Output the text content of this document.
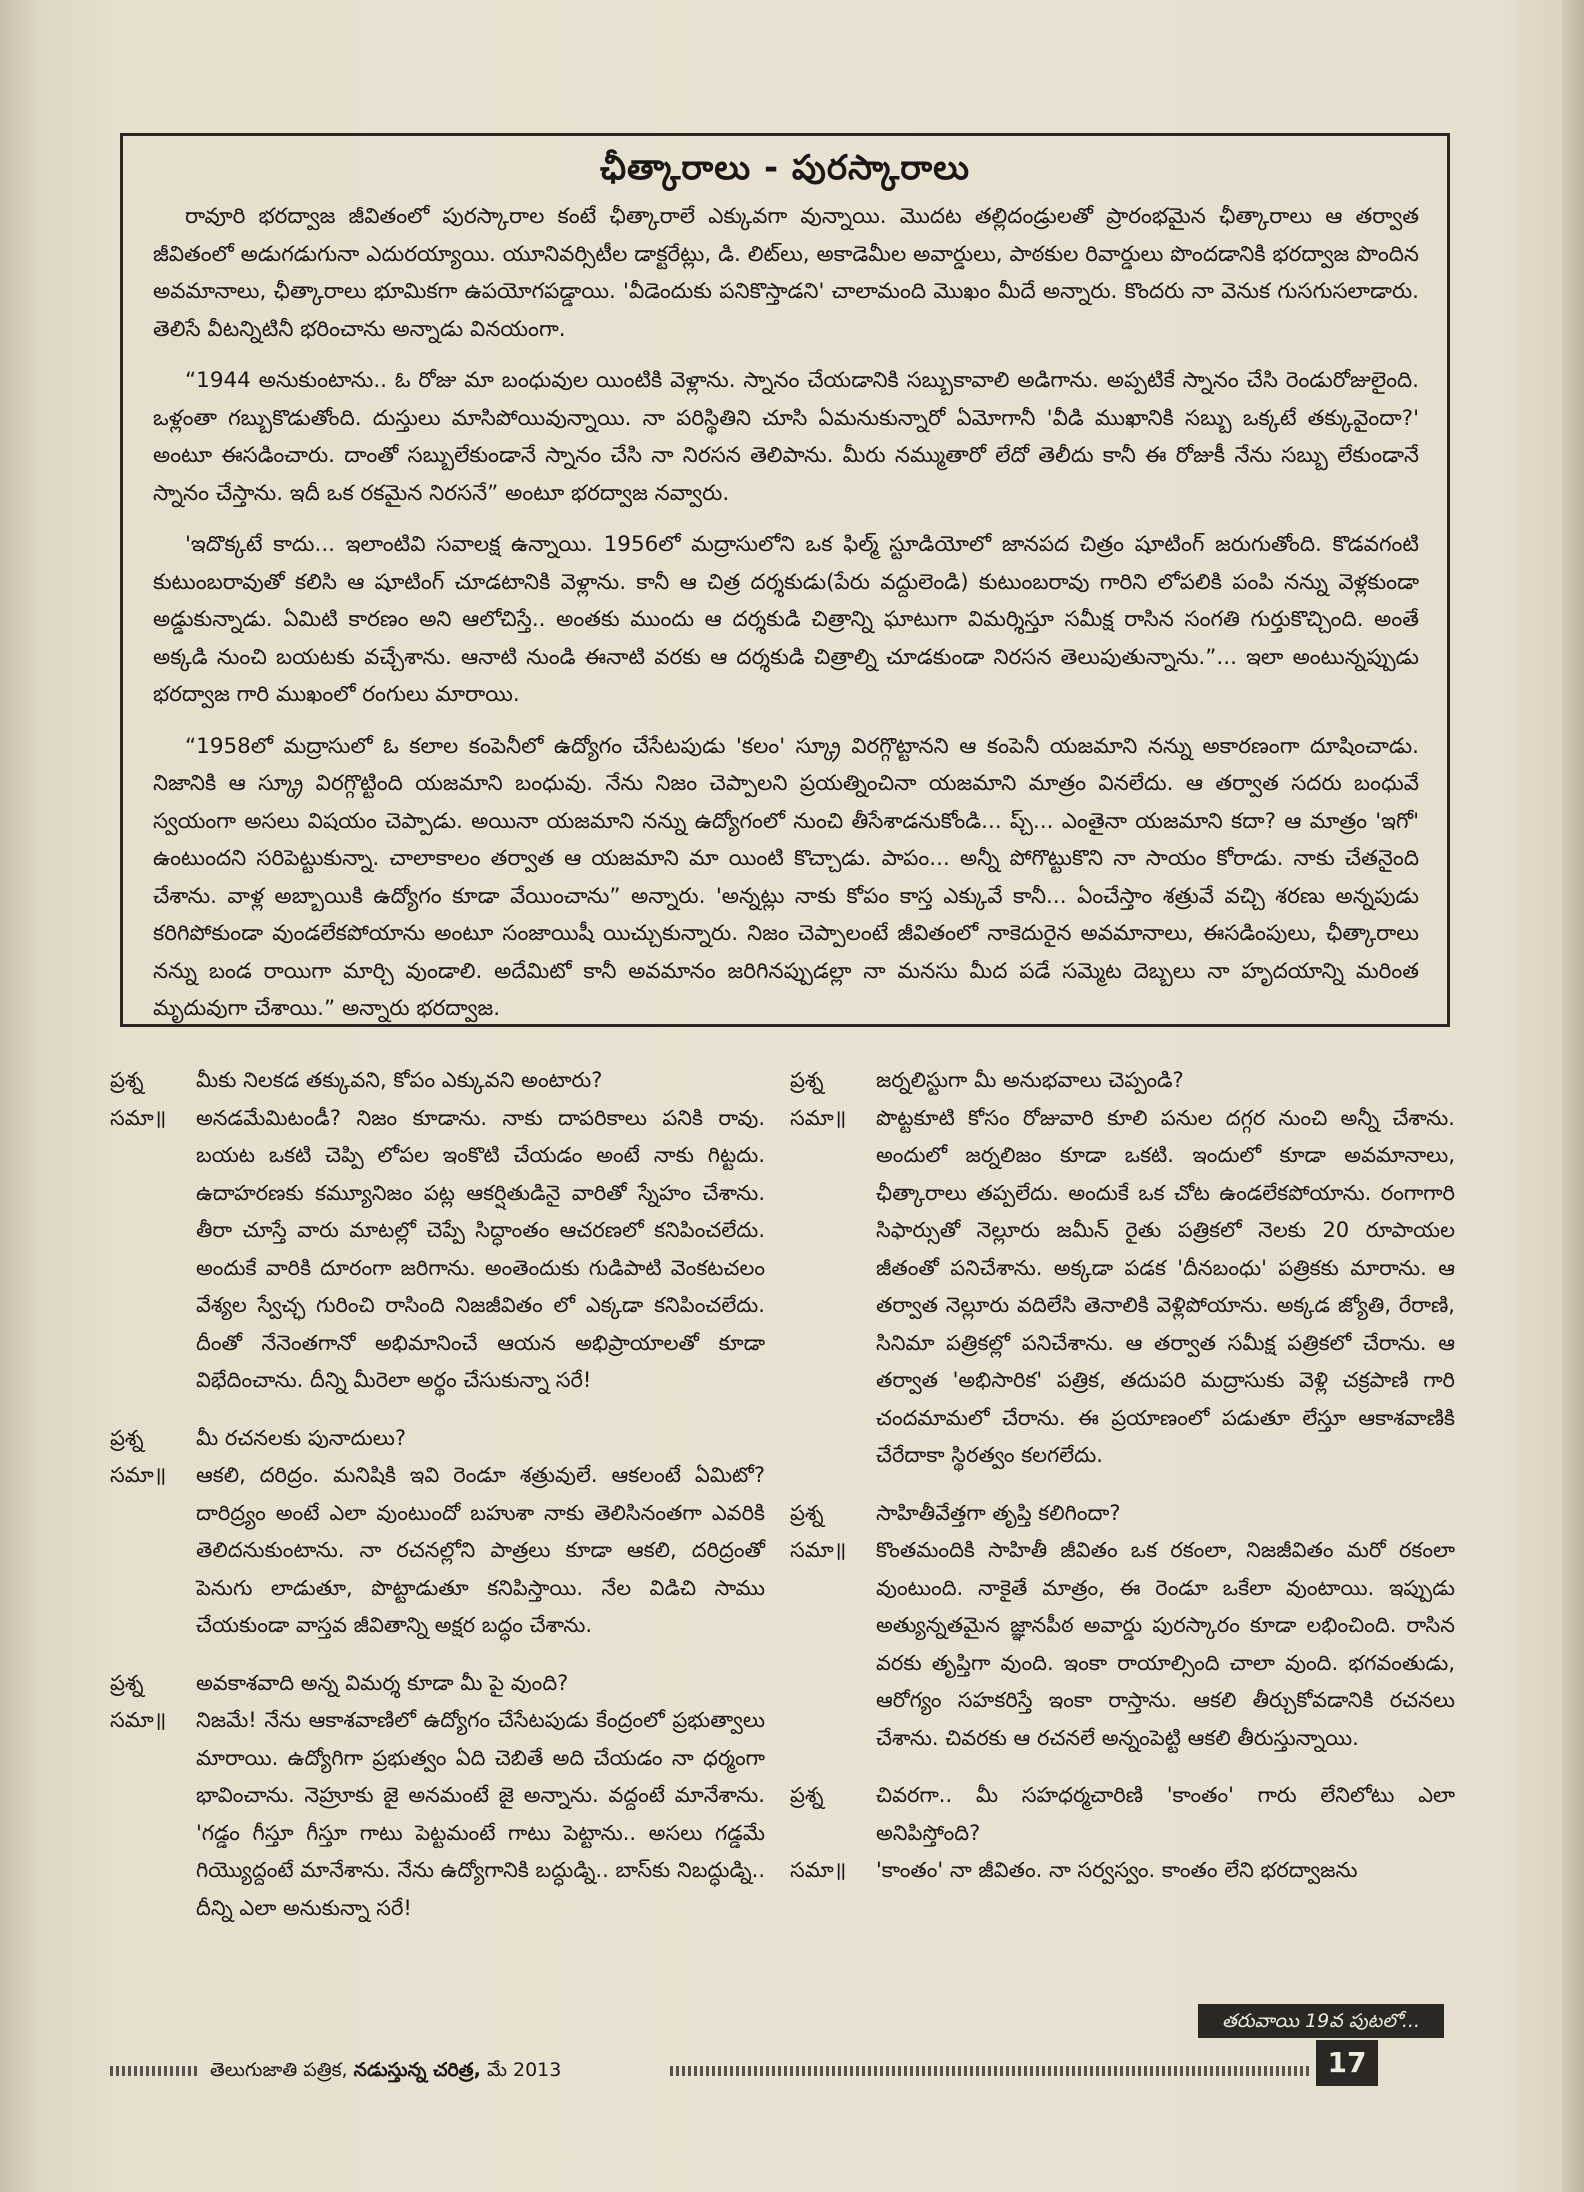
ఛీత్కారాలు - పురస్కారాలు

రావూరి భరద్వాజ జీవితంలో పురస్కారాల కంటే ఛీత్కారాలే ఎక్కువగా వున్నాయి. మొదట తల్లిదండ్రులతో ప్రారంభమైన ఛీత్కారాలు ఆ తర్వాత జీవితంలో అడుగడుగునా ఎదురయ్యాయి. యూనివర్సిటీల డాక్టరేట్లు, డి. లిట్‌లు, అకాడెమీల అవార్డులు, పాఠకుల రివార్డులు పొందడానికి భరద్వాజ పొందిన అవమానాలు, ఛీత్కారాలు భూమికగా ఉపయోగపడ్డాయి. 'వీడెందుకు పనికొస్తాడని' చాలామంది మొఖం మీదే అన్నారు. కొందరు నా వెనుక గుసగుసలాడారు. తెలిసే వీటన్నిటినీ భరించాను అన్నాడు వినయంగా.

“1944 అనుకుంటాను.. ఓ రోజు మా బంధువుల యింటికి వెళ్లాను. స్నానం చేయడానికి సబ్బుకావాలి అడిగాను. అప్పటికే స్నానం చేసి రెండురోజులైంది. ఒళ్లంతా గబ్బుకొడుతోంది. దుస్తులు మాసిపోయివున్నాయి. నా పరిస్థితిని చూసి ఏమనుకున్నారో ఏమోగానీ 'వీడి ముఖానికి సబ్బు ఒక్కటే తక్కువైందా?' అంటూ ఈసడించారు. దాంతో సబ్బులేకుండానే స్నానం చేసి నా నిరసన తెలిపాను. మీరు నమ్ముతారో లేదో తెలీదు కానీ ఈ రోజుకీ నేను సబ్బు లేకుండానే స్నానం చేస్తాను. ఇదీ ఒక రకమైన నిరసనే” అంటూ భరద్వాజ నవ్వారు.

'ఇదొక్కటే కాదు... ఇలాంటివి సవాలక్ష ఉన్నాయి. 1956లో మద్రాసులోని ఒక ఫిల్మ్ స్టూడియోలో జానపద చిత్రం షూటింగ్ జరుగుతోంది. కొడవగంటి కుటుంబరావుతో కలిసి ఆ షూటింగ్ చూడటానికి వెళ్లాను. కానీ ఆ చిత్ర దర్శకుడు(పేరు వద్దులెండి) కుటుంబరావు గారిని లోపలికి పంపి నన్ను వెళ్లకుండా అడ్డుకున్నాడు. ఏమిటి కారణం అని ఆలోచిస్తే.. అంతకు ముందు ఆ దర్శకుడి చిత్రాన్ని ఘాటుగా విమర్శిస్తూ సమీక్ష రాసిన సంగతి గుర్తుకొచ్చింది. అంతే అక్కడి నుంచి బయటకు వచ్చేశాను. ఆనాటి నుండి ఈనాటి వరకు ఆ దర్శకుడి చిత్రాల్ని చూడకుండా నిరసన తెలుపుతున్నాను.”... ఇలా అంటున్నప్పుడు భరద్వాజ గారి ముఖంలో రంగులు మారాయి.

“1958లో మద్రాసులో ఓ కలాల కంపెనీలో ఉద్యోగం చేసేటపుడు 'కలం' స్క్రూ విరగ్గొట్టానని ఆ కంపెనీ యజమాని నన్ను అకారణంగా దూషించాడు. నిజానికి ఆ స్క్రూ విరగ్గొట్టింది యజమాని బంధువు. నేను నిజం చెప్పాలని ప్రయత్నించినా యజమాని మాత్రం వినలేదు. ఆ తర్వాత సదరు బంధువే స్వయంగా అసలు విషయం చెప్పాడు. అయినా యజమాని నన్ను ఉద్యోగంలో నుంచి తీసేశాడనుకోండి... ప్చ్... ఎంతైనా యజమాని కదా? ఆ మాత్రం 'ఇగో' ఉంటుందని సరిపెట్టుకున్నా. చాలాకాలం తర్వాత ఆ యజమాని మా యింటి కొచ్చాడు. పాపం... అన్నీ పోగొట్టుకొని నా సాయం కోరాడు. నాకు చేతనైంది చేశాను. వాళ్ల అబ్బాయికి ఉద్యోగం కూడా వేయించాను” అన్నారు. 'అన్నట్లు నాకు కోపం కాస్త ఎక్కువే కానీ... ఏంచేస్తాం శత్రువే వచ్చి శరణు అన్నపుడు కరిగిపోకుండా వుండలేకపోయాను అంటూ సంజాయిషీ యిచ్చుకున్నారు. నిజం చెప్పాలంటే జీవితంలో నాకెదురైన అవమానాలు, ఈసడింపులు, ఛీత్కారాలు నన్ను బండ రాయిగా మార్చి వుండాలి. అదేమిటో కానీ అవమానం జరిగినప్పుడల్లా నా మనసు మీద పడే సమ్మెట దెబ్బలు నా హృదయాన్ని మరింత మృదువుగా చేశాయి.” అన్నారు భరద్వాజ.

ప్రశ్న	మీకు నిలకడ తక్కువని, కోపం ఎక్కువని అంటారు?
సమా॥	అనడమేమిటండీ? నిజం కూడాను. నాకు దాపరికాలు పనికి రావు. బయట ఒకటి చెప్పి లోపల ఇంకొటి చేయడం అంటే నాకు గిట్టదు. ఉదాహరణకు కమ్యూనిజం పట్ల ఆకర్షితుడినై వారితో స్నేహం చేశాను. తీరా చూస్తే వారు మాటల్లో చెప్పే సిద్ధాంతం ఆచరణలో కనిపించలేదు. అందుకే వారికి దూరంగా జరిగాను. అంతెందుకు గుడిపాటి వెంకటచలం వేశ్యల స్వేచ్ఛ గురించి రాసింది నిజజీవితం లో ఎక్కడా కనిపించలేదు. దీంతో నేనెంతగానో అభిమానించే ఆయన అభిప్రాయాలతో కూడా విభేదించాను. దీన్ని మీరెలా అర్థం చేసుకున్నా సరే!
ప్రశ్న	మీ రచనలకు పునాదులు?
సమా॥	ఆకలి, దరిద్రం. మనిషికి ఇవి రెండూ శత్రువులే. ఆకలంటే ఏమిటో? దారిద్ర్యం అంటే ఎలా వుంటుందో బహుశా నాకు తెలిసినంతగా ఎవరికి తెలిదనుకుంటాను. నా రచనల్లోని పాత్రలు కూడా ఆకలి, దరిద్రంతో పెనుగు లాడుతూ, పొట్టాడుతూ కనిపిస్తాయి. నేల విడిచి సాము చేయకుండా వాస్తవ జీవితాన్ని అక్షర బద్ధం చేశాను.
ప్రశ్న	అవకాశవాది అన్న విమర్శ కూడా మీ పై వుంది?
సమా॥	నిజమే! నేను ఆకాశవాణిలో ఉద్యోగం చేసేటపుడు కేంద్రంలో ప్రభుత్వాలు మారాయి. ఉద్యోగిగా ప్రభుత్వం ఏది చెబితే అది చేయడం నా ధర్మంగా భావించాను. నెహ్రూకు జై అనమంటే జై అన్నాను. వద్దంటే మానేశాను. 'గడ్డం గీస్తూ గీస్తూ గాటు పెట్టమంటే గాటు పెట్టాను.. అసలు గడ్డమే గియ్యొద్దంటే మానేశాను. నేను ఉద్యోగానికి బద్ధుడ్ని.. బాస్‌కు నిబద్ధుడ్ని.. దీన్ని ఎలా అనుకున్నా సరే!
ప్రశ్న	జర్నలిస్టుగా మీ అనుభవాలు చెప్పండి?
సమా॥	పొట్టకూటి కోసం రోజువారి కూలి పనుల దగ్గర నుంచి అన్నీ చేశాను. అందులో జర్నలిజం కూడా ఒకటి. ఇందులో కూడా అవమానాలు, ఛీత్కారాలు తప్పలేదు. అందుకే ఒక చోట ఉండలేకపోయాను. రంగాగారి సిఫార్సుతో నెల్లూరు జమీన్ రైతు పత్రికలో నెలకు 20 రూపాయల జీతంతో పనిచేశాను. అక్కడా పడక 'దీనబంధు' పత్రికకు మారాను. ఆ తర్వాత నెల్లూరు వదిలేసి తెనాలికి వెళ్లిపోయాను. అక్కడ జ్యోతి, రేరాణి, సినిమా పత్రికల్లో పనిచేశాను. ఆ తర్వాత సమీక్ష పత్రికలో చేరాను. ఆ తర్వాత 'అభిసారిక' పత్రిక, తదుపరి మద్రాసుకు వెళ్లి చక్రపాణి గారి చందమామలో చేరాను. ఈ ప్రయాణంలో పడుతూ లేస్తూ ఆకాశవాణికి చేరేదాకా స్థిరత్వం కలగలేదు.
ప్రశ్న	సాహితీవేత్తగా తృప్తి కలిగిందా?
సమా॥	కొంతమందికి సాహితీ జీవితం ఒక రకంలా, నిజజీవితం మరో రకంలా వుంటుంది. నాకైతే మాత్రం, ఈ రెండూ ఒకేలా వుంటాయి. ఇప్పుడు అత్యున్నతమైన జ్ఞానపీఠ అవార్డు పురస్కారం కూడా లభించింది. రాసిన వరకు తృప్తిగా వుంది. ఇంకా రాయాల్సింది చాలా వుంది. భగవంతుడు, ఆరోగ్యం సహకరిస్తే ఇంకా రాస్తాను. ఆకలి తీర్చుకోవడానికి రచనలు చేశాను. చివరకు ఆ రచనలే అన్నంపెట్టి ఆకలి తీరుస్తున్నాయి.
ప్రశ్న	చివరగా.. మీ సహధర్మచారిణి 'కాంతం' గారు లేనిలోటు ఎలా అనిపిస్తోంది?
సమా॥	'కాంతం' నా జీవితం. నా సర్వస్వం. కాంతం లేని భరద్వాజను
తరువాయి 19వ పుటలో...
తెలుగుజాతి పత్రిక, నడుస్తున్న చరిత్ర, మే 2013	17
